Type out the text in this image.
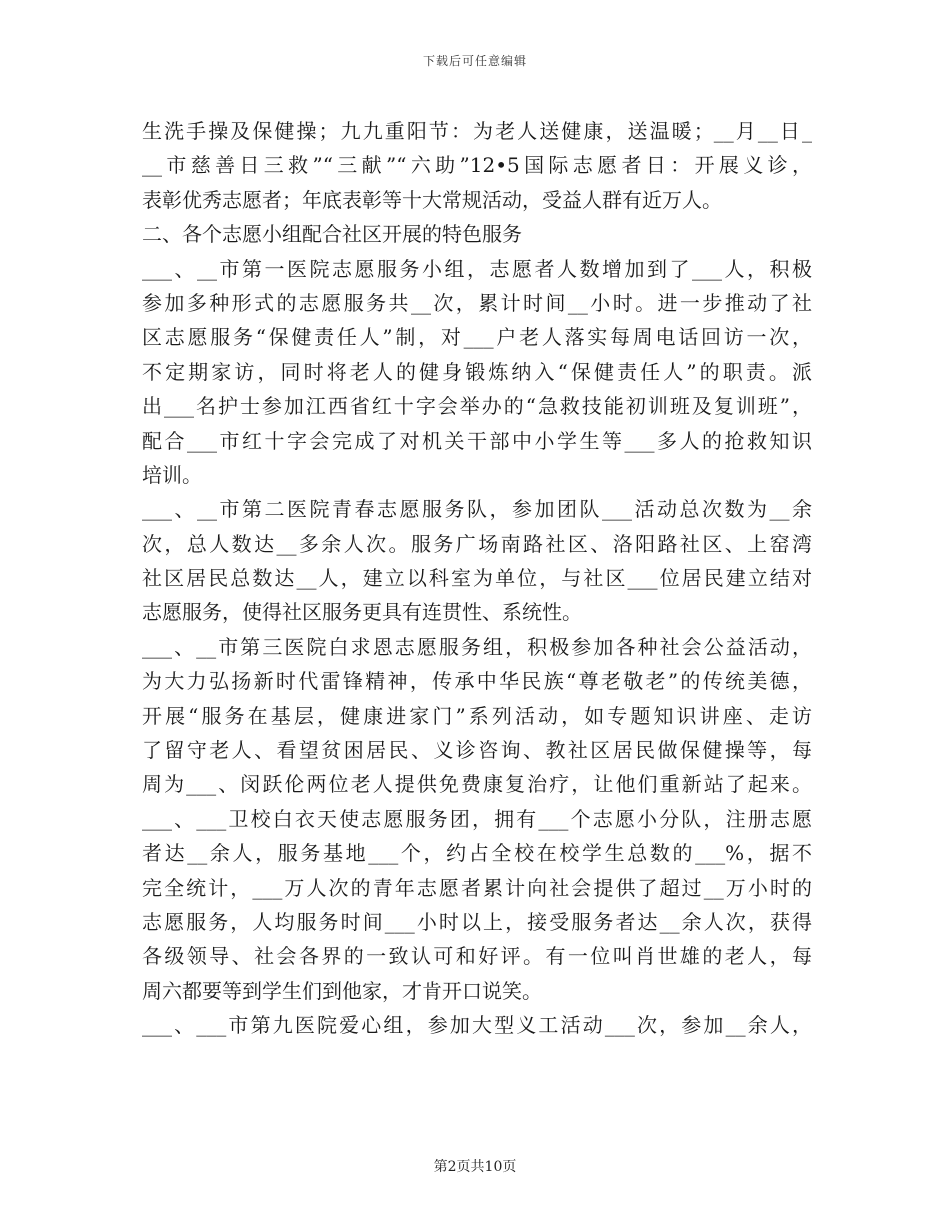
下载后可任意编辑
生洗手操及保健操；九九重阳节：为老人送健康，送温暖；__月__日_
__市慈善日三救”“三献”“六助”12•5国际志愿者日：开展义诊，
表彰优秀志愿者；年底表彰等十大常规活动，受益人群有近万人。
二、各个志愿小组配合社区开展的特色服务
___、__市第一医院志愿服务小组，志愿者人数增加到了___人，积极
参加多种形式的志愿服务共__次，累计时间__小时。进一步推动了社
区志愿服务“保健责任人”制，对___户老人落实每周电话回访一次，
不定期家访，同时将老人的健身锻炼纳入“保健责任人”的职责。派
出___名护士参加江西省红十字会举办的“急救技能初训班及复训班”，
配合___市红十字会完成了对机关干部中小学生等___多人的抢救知识
培训。
___、__市第二医院青春志愿服务队，参加团队___活动总次数为__余
次，总人数达__多余人次。服务广场南路社区、洛阳路社区、上窑湾
社区居民总数达__人，建立以科室为单位，与社区___位居民建立结对
志愿服务，使得社区服务更具有连贯性、系统性。
___、__市第三医院白求恩志愿服务组，积极参加各种社会公益活动，
为大力弘扬新时代雷锋精神，传承中华民族“尊老敬老”的传统美德，
开展“服务在基层，健康进家门”系列活动，如专题知识讲座、走访
了留守老人、看望贫困居民、义诊咨询、教社区居民做保健操等，每
周为___、闵跃伦两位老人提供免费康复治疗，让他们重新站了起来。
___、___卫校白衣天使志愿服务团，拥有___个志愿小分队，注册志愿
者达__余人，服务基地___个，约占全校在校学生总数的___%，据不
完全统计，___万人次的青年志愿者累计向社会提供了超过__万小时的
志愿服务，人均服务时间___小时以上，接受服务者达__余人次，获得
各级领导、社会各界的一致认可和好评。有一位叫肖世雄的老人，每
周六都要等到学生们到他家，才肯开口说笑。
___、___市第九医院爱心组，参加大型义工活动___次，参加__余人，
第2页共10页
